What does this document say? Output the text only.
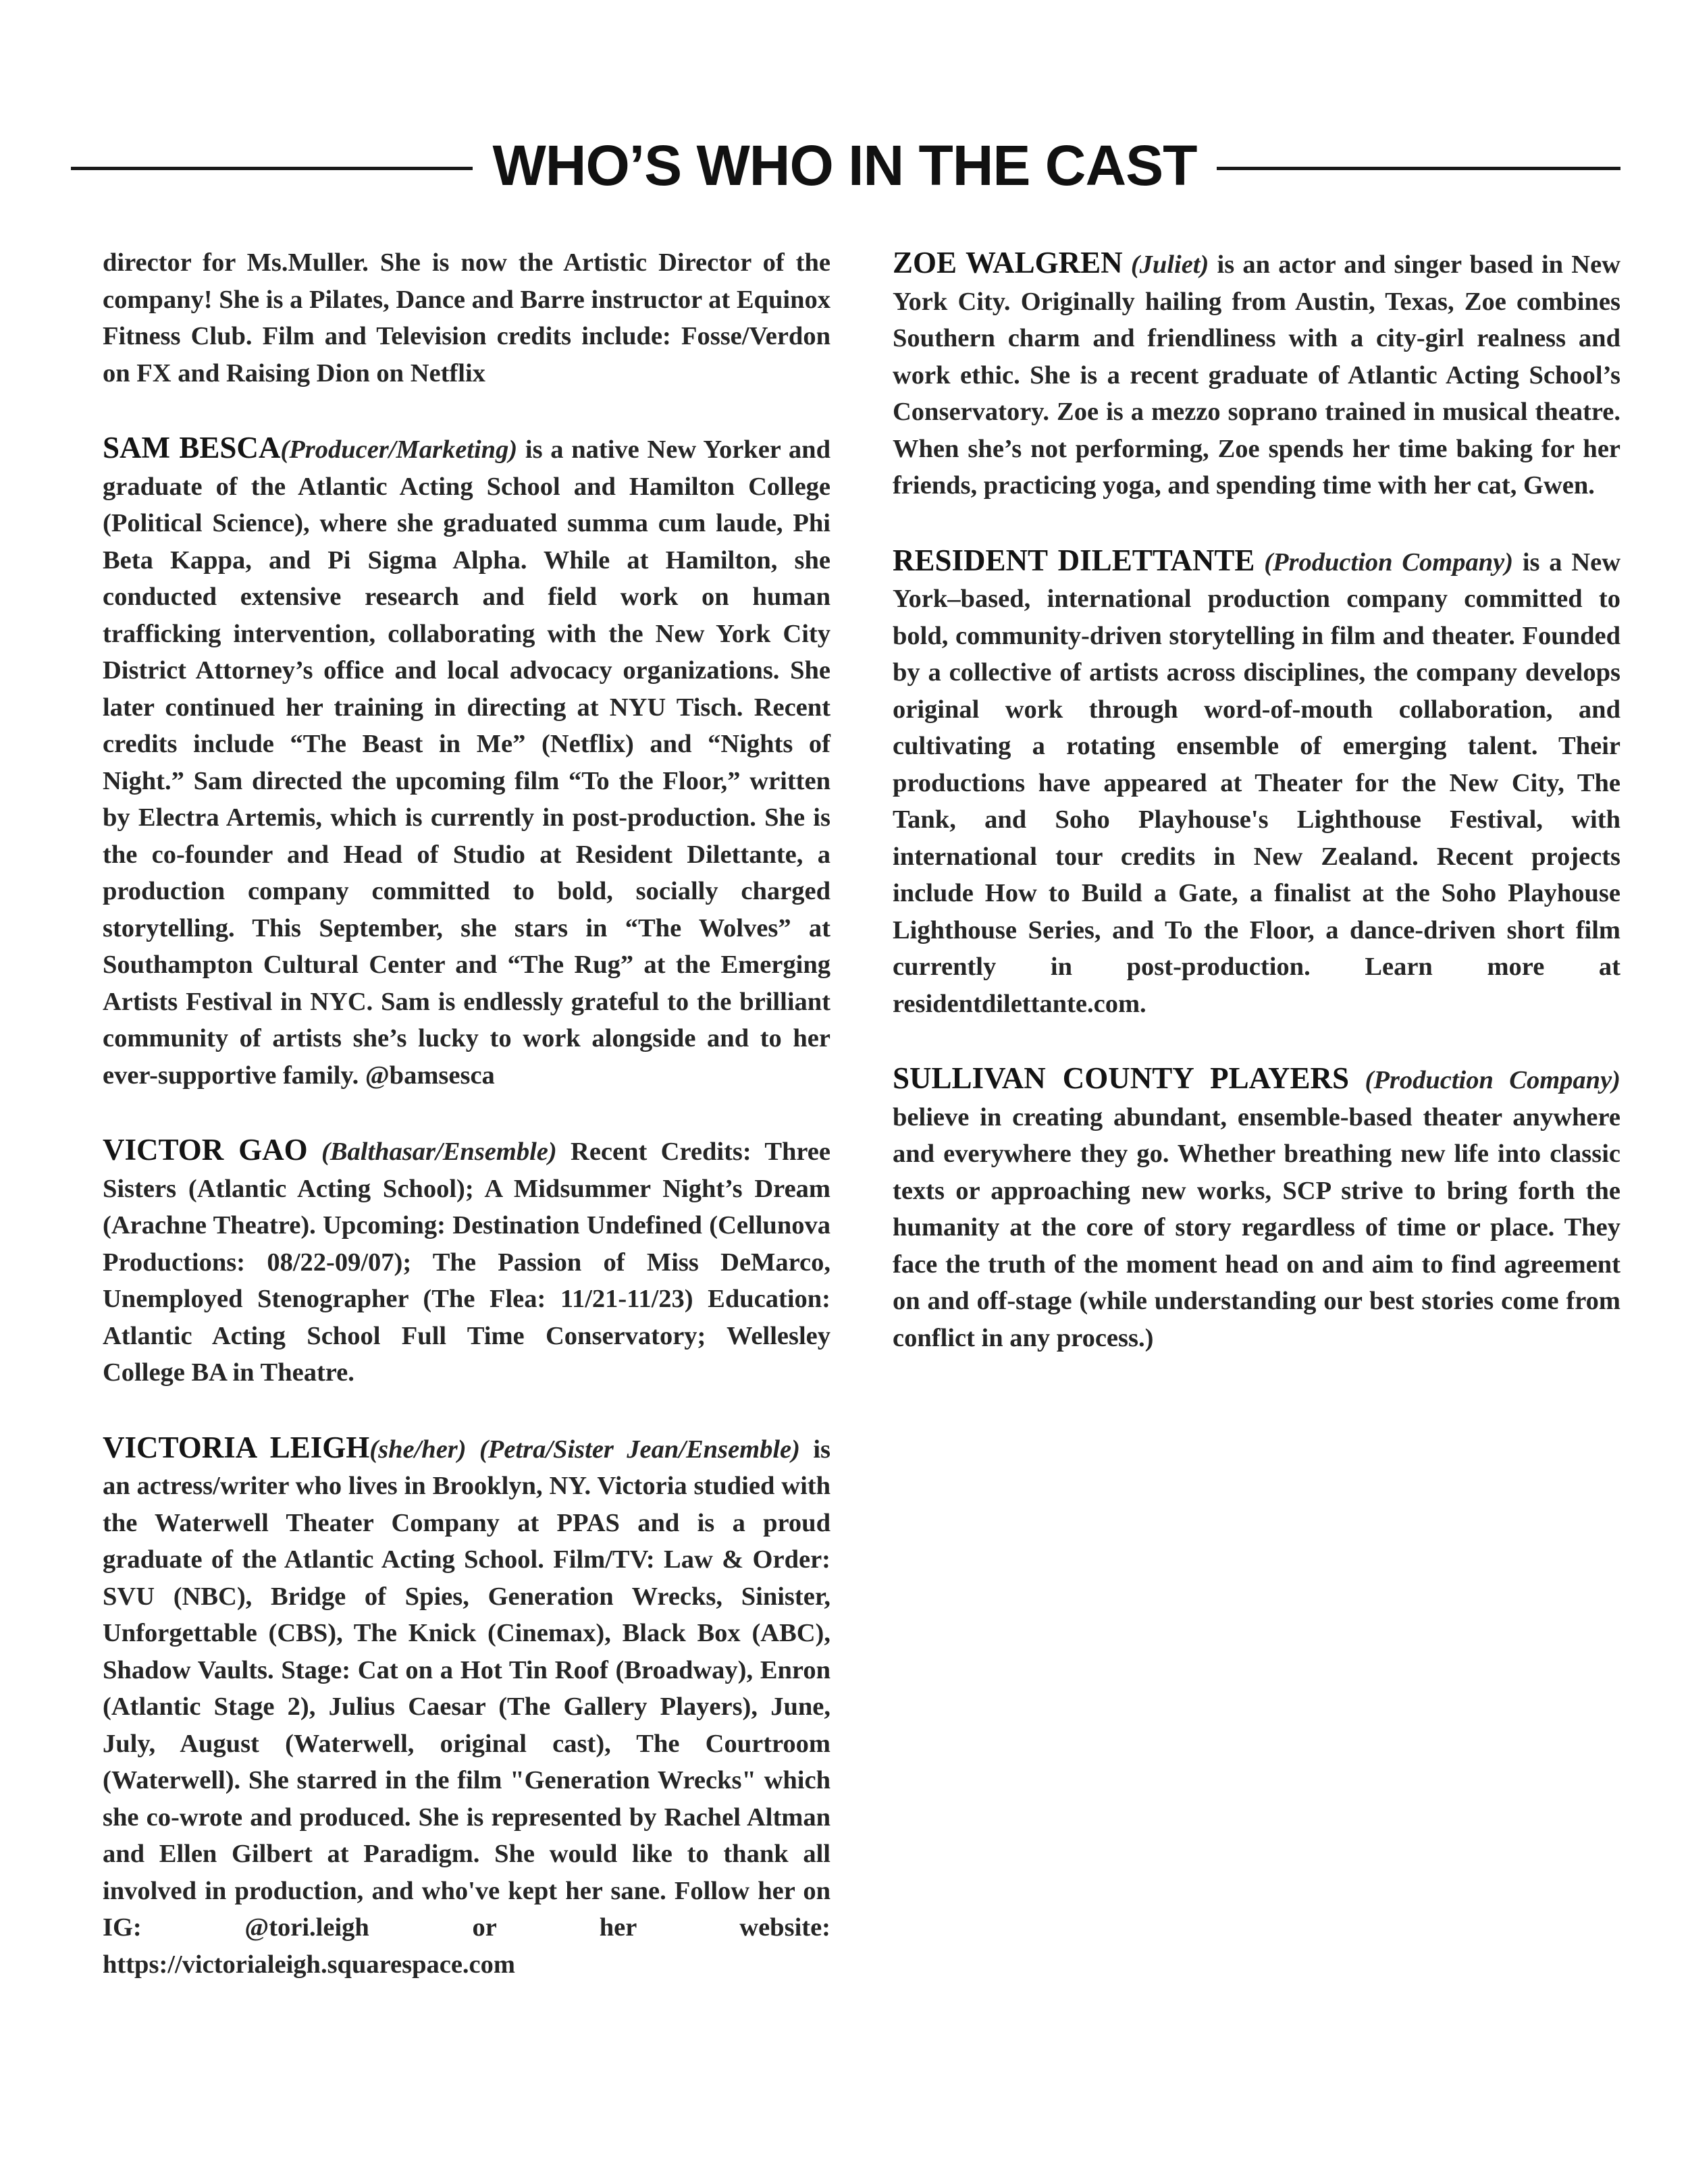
WHO’S WHO IN THE CAST

director for Ms.Muller. She is now the Artistic Director of the company! She is a Pilates, Dance and Barre instructor at Equinox Fitness Club. Film and Television credits include: Fosse/Verdon on FX and Raising Dion on Netflix

SAM BESCA(Producer/Marketing) is a native New Yorker and graduate of the Atlantic Acting School and Hamilton College (Political Science), where she graduated summa cum laude, Phi Beta Kappa, and Pi Sigma Alpha. While at Hamilton, she conducted extensive research and field work on human trafficking intervention, collaborating with the New York City District Attorney’s office and local advocacy organizations. She later continued her training in directing at NYU Tisch. Recent credits include “The Beast in Me” (Netflix) and “Nights of Night.” Sam directed the upcoming film “To the Floor,” written by Electra Artemis, which is currently in post-production. She is the co-founder and Head of Studio at Resident Dilettante, a production company committed to bold, socially charged storytelling. This September, she stars in “The Wolves” at Southampton Cultural Center and “The Rug” at the Emerging Artists Festival in NYC. Sam is endlessly grateful to the brilliant community of artists she’s lucky to work alongside and to her ever-supportive family. @bamsesca

VICTOR GAO (Balthasar/Ensemble) Recent Credits: Three Sisters (Atlantic Acting School); A Midsummer Night’s Dream (Arachne Theatre). Upcoming: Destination Undefined (Cellunova Productions: 08/22-09/07); The Passion of Miss DeMarco, Unemployed Stenographer (The Flea: 11/21-11/23) Education: Atlantic Acting School Full Time Conservatory; Wellesley College BA in Theatre.

VICTORIA LEIGH(she/her) (Petra/Sister Jean/Ensemble) is an actress/writer who lives in Brooklyn, NY. Victoria studied with the Waterwell Theater Company at PPAS and is a proud graduate of the Atlantic Acting School. Film/TV: Law & Order: SVU (NBC), Bridge of Spies, Generation Wrecks, Sinister, Unforgettable (CBS), The Knick (Cinemax), Black Box (ABC), Shadow Vaults. Stage: Cat on a Hot Tin Roof (Broadway), Enron (Atlantic Stage 2), Julius Caesar (The Gallery Players), June, July, August (Waterwell, original cast), The Courtroom (Waterwell). She starred in the film "Generation Wrecks" which she co-wrote and produced. She is represented by Rachel Altman and Ellen Gilbert at Paradigm. She would like to thank all involved in production, and who've kept her sane. Follow her on IG: @tori.leigh or her website: https://victorialeigh.squarespace.com

ZOE WALGREN (Juliet) is an actor and singer based in New York City. Originally hailing from Austin, Texas, Zoe combines Southern charm and friendliness with a city-girl realness and work ethic. She is a recent graduate of Atlantic Acting School’s Conservatory. Zoe is a mezzo soprano trained in musical theatre. When she’s not performing, Zoe spends her time baking for her friends, practicing yoga, and spending time with her cat, Gwen.

RESIDENT DILETTANTE (Production Company) is a New York–based, international production company committed to bold, community-driven storytelling in film and theater. Founded by a collective of artists across disciplines, the company develops original work through word-of-mouth collaboration, and cultivating a rotating ensemble of emerging talent. Their productions have appeared at Theater for the New City, The Tank, and Soho Playhouse's Lighthouse Festival, with international tour credits in New Zealand. Recent projects include How to Build a Gate, a finalist at the Soho Playhouse Lighthouse Series, and To the Floor, a dance-driven short film currently in post-production. Learn more at residentdilettante.com.

SULLIVAN COUNTY PLAYERS (Production Company) believe in creating abundant, ensemble-based theater anywhere and everywhere they go. Whether breathing new life into classic texts or approaching new works, SCP strive to bring forth the humanity at the core of story regardless of time or place. They face the truth of the moment head on and aim to find agreement on and off-stage (while understanding our best stories come from conflict in any process.)
